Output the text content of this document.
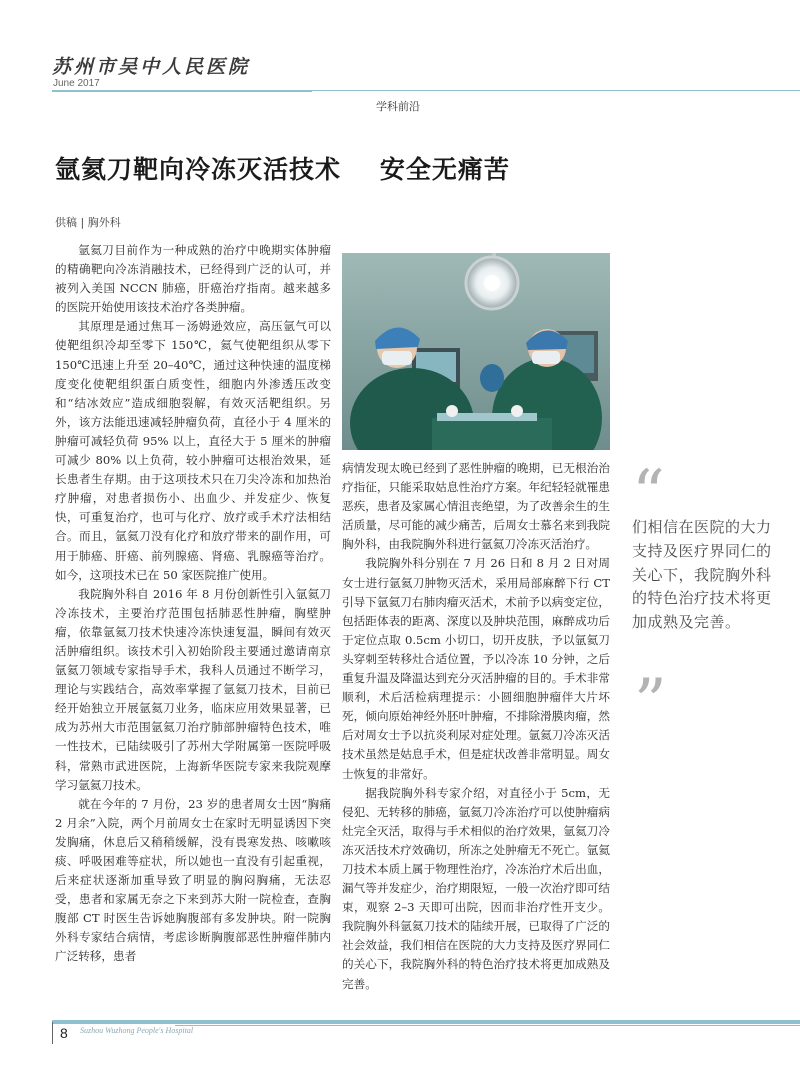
苏州市吴中人民医院
June 2017
学科前沿
氩氦刀靶向冷冻灭活技术    安全无痛苦
供稿 | 胸外科

氩氦刀目前作为一种成熟的治疗中晚期实体肿瘤的精确靶向冷冻消融技术，已经得到广泛的认可，并被列入美国 NCCN 肺癌，肝癌治疗指南。越来越多的医院开始使用该技术治疗各类肿瘤。

其原理是通过焦耳－汤姆逊效应，高压氩气可以使靶组织冷却至零下 150℃，氦气使靶组织从零下 150℃迅速上升至 20–40℃，通过这种快速的温度梯度变化使靶组织蛋白质变性，细胞内外渗透压改变和“结冰效应”造成细胞裂解，有效灭活靶组织。另外，该方法能迅速减轻肿瘤负荷，直径小于 4 厘米的肿瘤可减轻负荷 95% 以上，直径大于 5 厘米的肿瘤可减少 80% 以上负荷，较小肿瘤可达根治效果，延长患者生存期。由于这项技术只在刀尖冷冻和加热治疗肿瘤，对患者损伤小、出血少、并发症少、恢复快，可重复治疗，也可与化疗、放疗或手术疗法相结合。而且，氩氦刀没有化疗和放疗带来的副作用，可用于肺癌、肝癌、前列腺癌、肾癌、乳腺癌等治疗。如今，这项技术已在 50 家医院推广使用。

我院胸外科自 2016 年 8 月份创新性引入氩氦刀冷冻技术，主要治疗范围包括肺恶性肿瘤，胸壁肿瘤，依靠氩氦刀技术快速冷冻快速复温，瞬间有效灭活肿瘤组织。该技术引入初始阶段主要通过邀请南京氩氦刀领域专家指导手术，我科人员通过不断学习，理论与实践结合，高效率掌握了氩氦刀技术，目前已经开始独立开展氩氦刀业务，临床应用效果显著，已成为苏州大市范围氩氦刀治疗肺部肿瘤特色技术，唯一性技术，已陆续吸引了苏州大学附属第一医院呼吸科，常熟市武进医院，上海新华医院专家来我院观摩学习氩氦刀技术。

就在今年的 7 月份，23 岁的患者周女士因“胸痛 2 月余”入院，两个月前周女士在家时无明显诱因下突发胸痛，休息后又稍稍缓解，没有畏寒发热、咳嗽咳痰、呼吸困难等症状，所以她也一直没有引起重视，后来症状逐渐加重导致了明显的胸闷胸痛，无法忍受，患者和家属无奈之下来到苏大附一院检查，查胸腹部 CT 时医生告诉她胸腹部有多发肿块。附一院胸外科专家结合病情，考虑诊断胸腹部恶性肿瘤伴肺内广泛转移，患者

病情发现太晚已经到了恶性肿瘤的晚期，已无根治治疗指征，只能采取姑息性治疗方案。年纪轻轻就罹患恶疾，患者及家属心情沮丧绝望，为了改善余生的生活质量，尽可能的减少痛苦，后周女士慕名来到我院胸外科，由我院胸外科进行氩氦刀冷冻灭活治疗。

我院胸外科分别在 7 月 26 日和 8 月 2 日对周女士进行氩氦刀肿物灭活术，采用局部麻醉下行 CT 引导下氩氦刀右肺肉瘤灭活术，术前予以病变定位，包括距体表的距离、深度以及肿块范围，麻醉成功后于定位点取 0.5cm 小切口，切开皮肤，予以氩氦刀头穿刺至转移灶合适位置，予以冷冻 10 分钟，之后重复升温及降温达到充分灭活肿瘤的目的。手术非常顺利，术后活检病理提示：小圆细胞肿瘤伴大片坏死，倾向原始神经外胚叶肿瘤，不排除滑膜肉瘤，然后对周女士予以抗炎利尿对症处理。氩氦刀冷冻灭活技术虽然是姑息手术，但是症状改善非常明显。周女士恢复的非常好。

据我院胸外科专家介绍，对直径小于 5cm，无侵犯、无转移的肺癌，氩氦刀冷冻治疗可以使肿瘤病灶完全灭活，取得与手术相似的治疗效果，氩氦刀冷冻灭活技术疗效确切，所冻之处肿瘤无不死亡。氩氦刀技术本质上属于物理性治疗，冷冻治疗术后出血，漏气等并发症少，治疗期限短，一般一次治疗即可结束，观察 2–3 天即可出院，因而非治疗性开支少。我院胸外科氩氦刀技术的陆续开展，已取得了广泛的社会效益，我们相信在医院的大力支持及医疗界同仁的关心下，我院胸外科的特色治疗技术将更加成熟及完善。

“
们相信在医院的大力支持及医疗界同仁的关心下，我院胸外科的特色治疗技术将更加成熟及完善。
”
8 Suzhou Wuzhong People's Hospital
